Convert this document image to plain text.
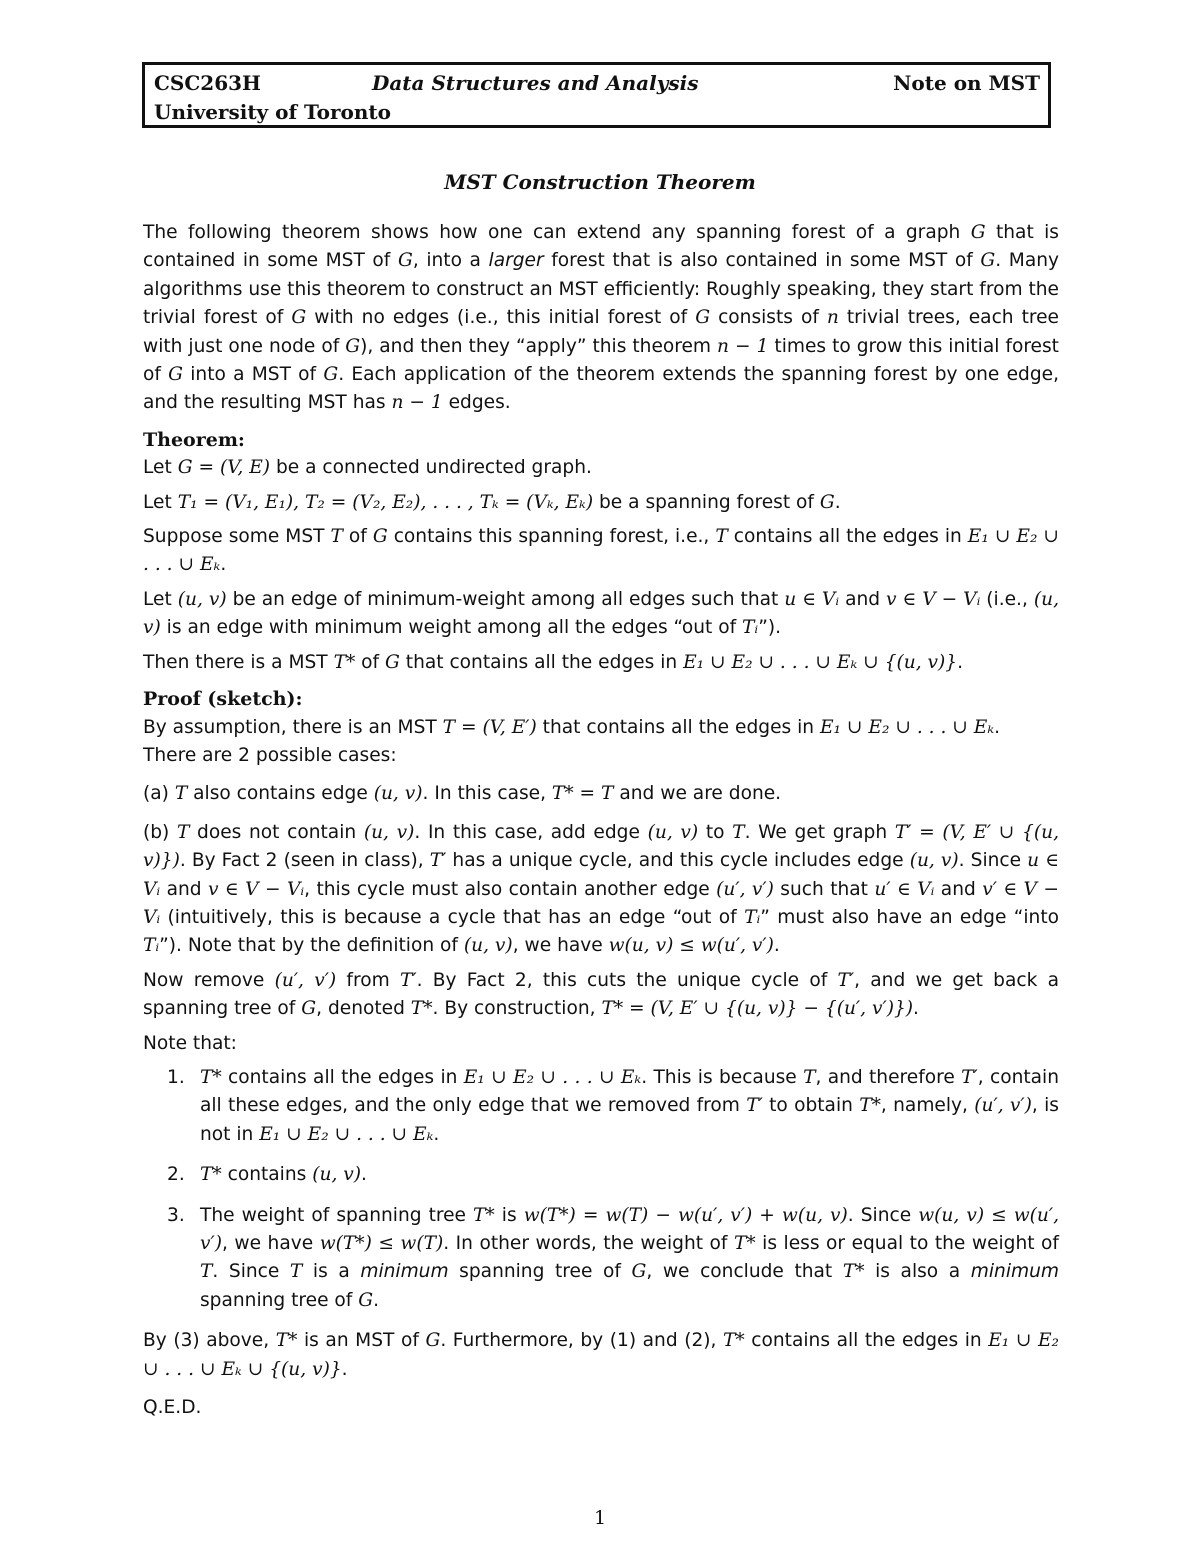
CSC263H	Data Structures and Analysis	Note on MST
University of Toronto
MST Construction Theorem

The following theorem shows how one can extend any spanning forest of a graph G that is contained in some MST of G, into a larger forest that is also contained in some MST of G. Many algorithms use this theorem to construct an MST efficiently: Roughly speaking, they start from the trivial forest of G with no edges (i.e., this initial forest of G consists of n trivial trees, each tree with just one node of G), and then they “apply” this theorem n − 1 times to grow this initial forest of G into a MST of G. Each application of the theorem extends the spanning forest by one edge, and the resulting MST has n − 1 edges.

Theorem:

Let G = (V, E) be a connected undirected graph.

Let T₁ = (V₁, E₁), T₂ = (V₂, E₂), . . . , Tₖ = (Vₖ, Eₖ) be a spanning forest of G.

Suppose some MST T of G contains this spanning forest, i.e., T contains all the edges in E₁ ∪ E₂ ∪ . . . ∪ Eₖ.

Let (u, v) be an edge of minimum-weight among all edges such that u ∈ Vᵢ and v ∈ V − Vᵢ (i.e., (u, v) is an edge with minimum weight among all the edges “out of Tᵢ”).

Then there is a MST T* of G that contains all the edges in E₁ ∪ E₂ ∪ . . . ∪ Eₖ ∪ {(u, v)}.

Proof (sketch):

By assumption, there is an MST T = (V, E′) that contains all the edges in E₁ ∪ E₂ ∪ . . . ∪ Eₖ.
There are 2 possible cases:

(a) T also contains edge (u, v). In this case, T* = T and we are done.

(b) T does not contain (u, v). In this case, add edge (u, v) to T. We get graph T′ = (V, E′ ∪ {(u, v)}). By Fact 2 (seen in class), T′ has a unique cycle, and this cycle includes edge (u, v). Since u ∈ Vᵢ and v ∈ V − Vᵢ, this cycle must also contain another edge (u′, v′) such that u′ ∈ Vᵢ and v′ ∈ V − Vᵢ (intuitively, this is because a cycle that has an edge “out of Tᵢ” must also have an edge “into Tᵢ”). Note that by the definition of (u, v), we have w(u, v) ≤ w(u′, v′).

Now remove (u′, v′) from T′. By Fact 2, this cuts the unique cycle of T′, and we get back a spanning tree of G, denoted T*. By construction, T* = (V, E′ ∪ {(u, v)} − {(u′, v′)}).

Note that:

1. T* contains all the edges in E₁ ∪ E₂ ∪ . . . ∪ Eₖ. This is because T, and therefore T′, contain all these edges, and the only edge that we removed from T′ to obtain T*, namely, (u′, v′), is not in E₁ ∪ E₂ ∪ . . . ∪ Eₖ.
2. T* contains (u, v).
3. The weight of spanning tree T* is w(T*) = w(T) − w(u′, v′) + w(u, v). Since w(u, v) ≤ w(u′, v′), we have w(T*) ≤ w(T). In other words, the weight of T* is less or equal to the weight of T. Since T is a minimum spanning tree of G, we conclude that T* is also a minimum spanning tree of G.

By (3) above, T* is an MST of G. Furthermore, by (1) and (2), T* contains all the edges in E₁ ∪ E₂ ∪ . . . ∪ Eₖ ∪ {(u, v)}.

Q.E.D.

1
